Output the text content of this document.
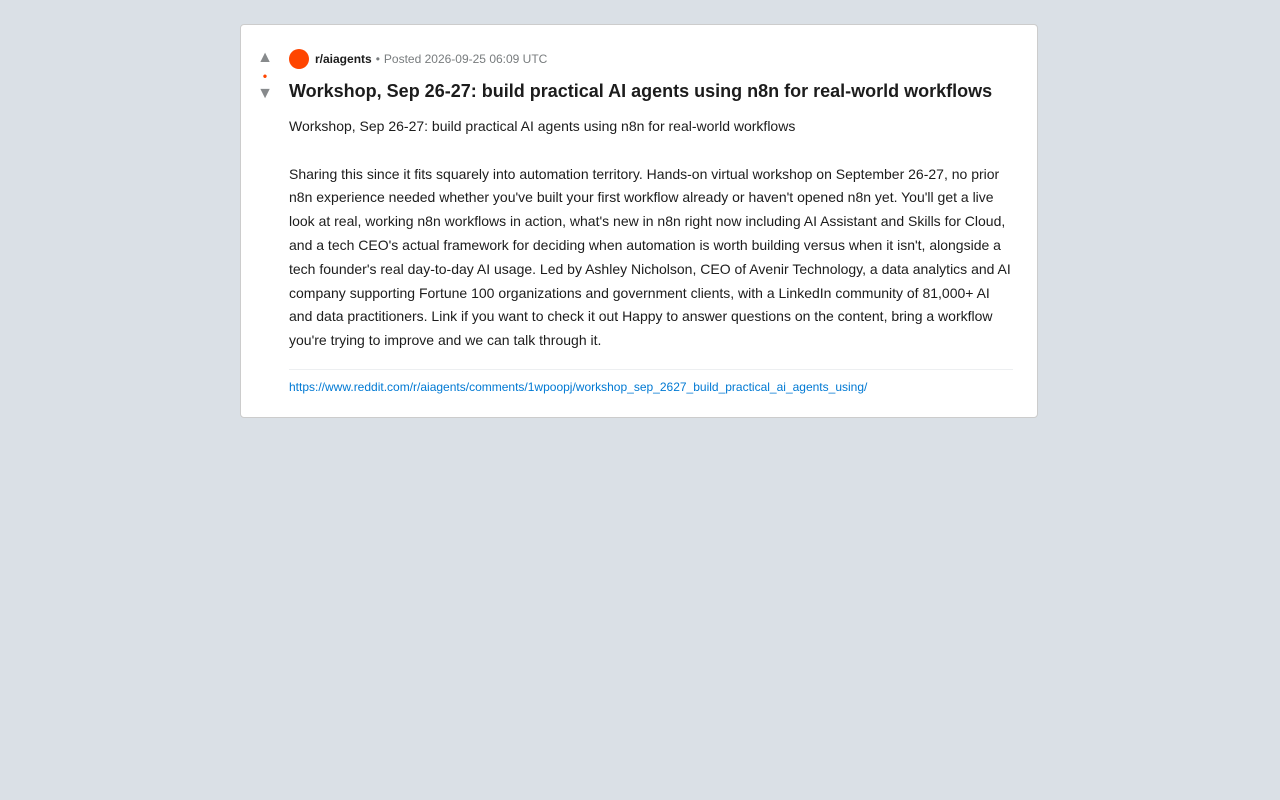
▲
•
▼
r/aiagents • Posted 2026-09-25 06:09 UTC
Workshop, Sep 26-27: build practical AI agents using n8n for real-world workflows

Workshop, Sep 26-27: build practical AI agents using n8n for real-world workflows

Sharing this since it fits squarely into automation territory. Hands-on virtual workshop on September 26-27, no prior n8n experience needed whether you've built your first workflow already or haven't opened n8n yet. You'll get a live look at real, working n8n workflows in action, what's new in n8n right now including AI Assistant and Skills for Cloud, and a tech CEO's actual framework for deciding when automation is worth building versus when it isn't, alongside a tech founder's real day-to-day AI usage. Led by Ashley Nicholson, CEO of Avenir Technology, a data analytics and AI company supporting Fortune 100 organizations and government clients, with a LinkedIn community of 81,000+ AI and data practitioners. Link if you want to check it out Happy to answer questions on the content, bring a workflow you're trying to improve and we can talk through it.

https://www.reddit.com/r/aiagents/comments/1wpoopj/workshop_sep_2627_build_practical_ai_agents_using/
